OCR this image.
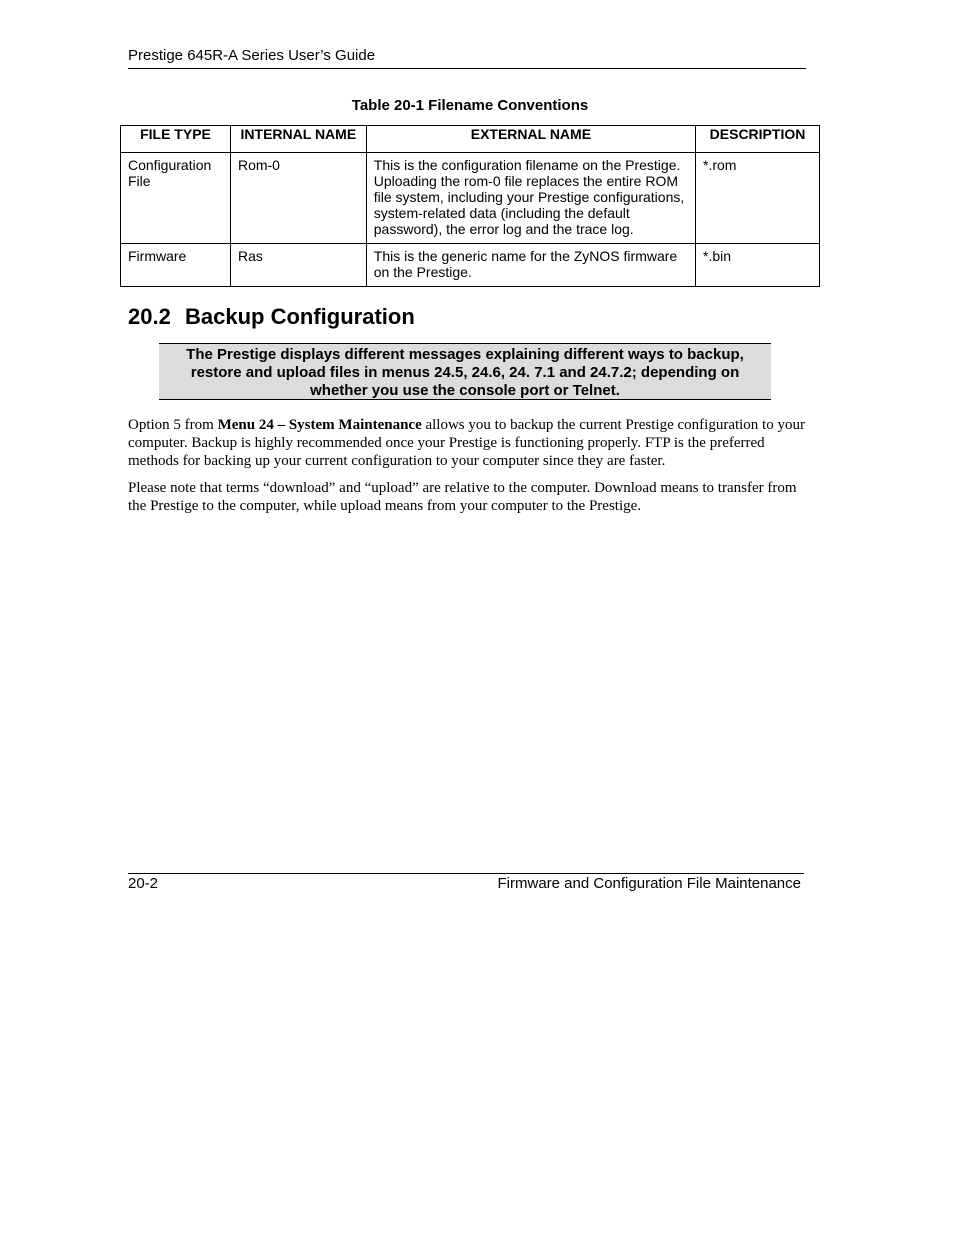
Prestige 645R-A Series User’s Guide
Table 20-1 Filename Conventions
FILE TYPE	INTERNAL NAME	EXTERNAL NAME	DESCRIPTION
Configuration File	Rom-0	This is the configuration filename on the Prestige. Uploading the rom-0 file replaces the entire ROM file system, including your Prestige configurations, system-related data (including the default password), the error log and the trace log.	*.rom
Firmware	Ras	This is the generic name for the ZyNOS firmware on the Prestige.	*.bin
20.2 Backup Configuration
The Prestige displays different messages explaining different ways to backup,
restore and upload files in menus 24.5, 24.6, 24. 7.1 and 24.7.2; depending on
whether you use the console port or Telnet.
Option 5 from Menu 24 – System Maintenance allows you to backup the current Prestige configuration to your computer. Backup is highly recommended once your Prestige is functioning properly. FTP is the preferred methods for backing up your current configuration to your computer since they are faster.
Please note that terms “download” and “upload” are relative to the computer. Download means to transfer from the Prestige to the computer, while upload means from your computer to the Prestige.
20-2	Firmware and Configuration File Maintenance
